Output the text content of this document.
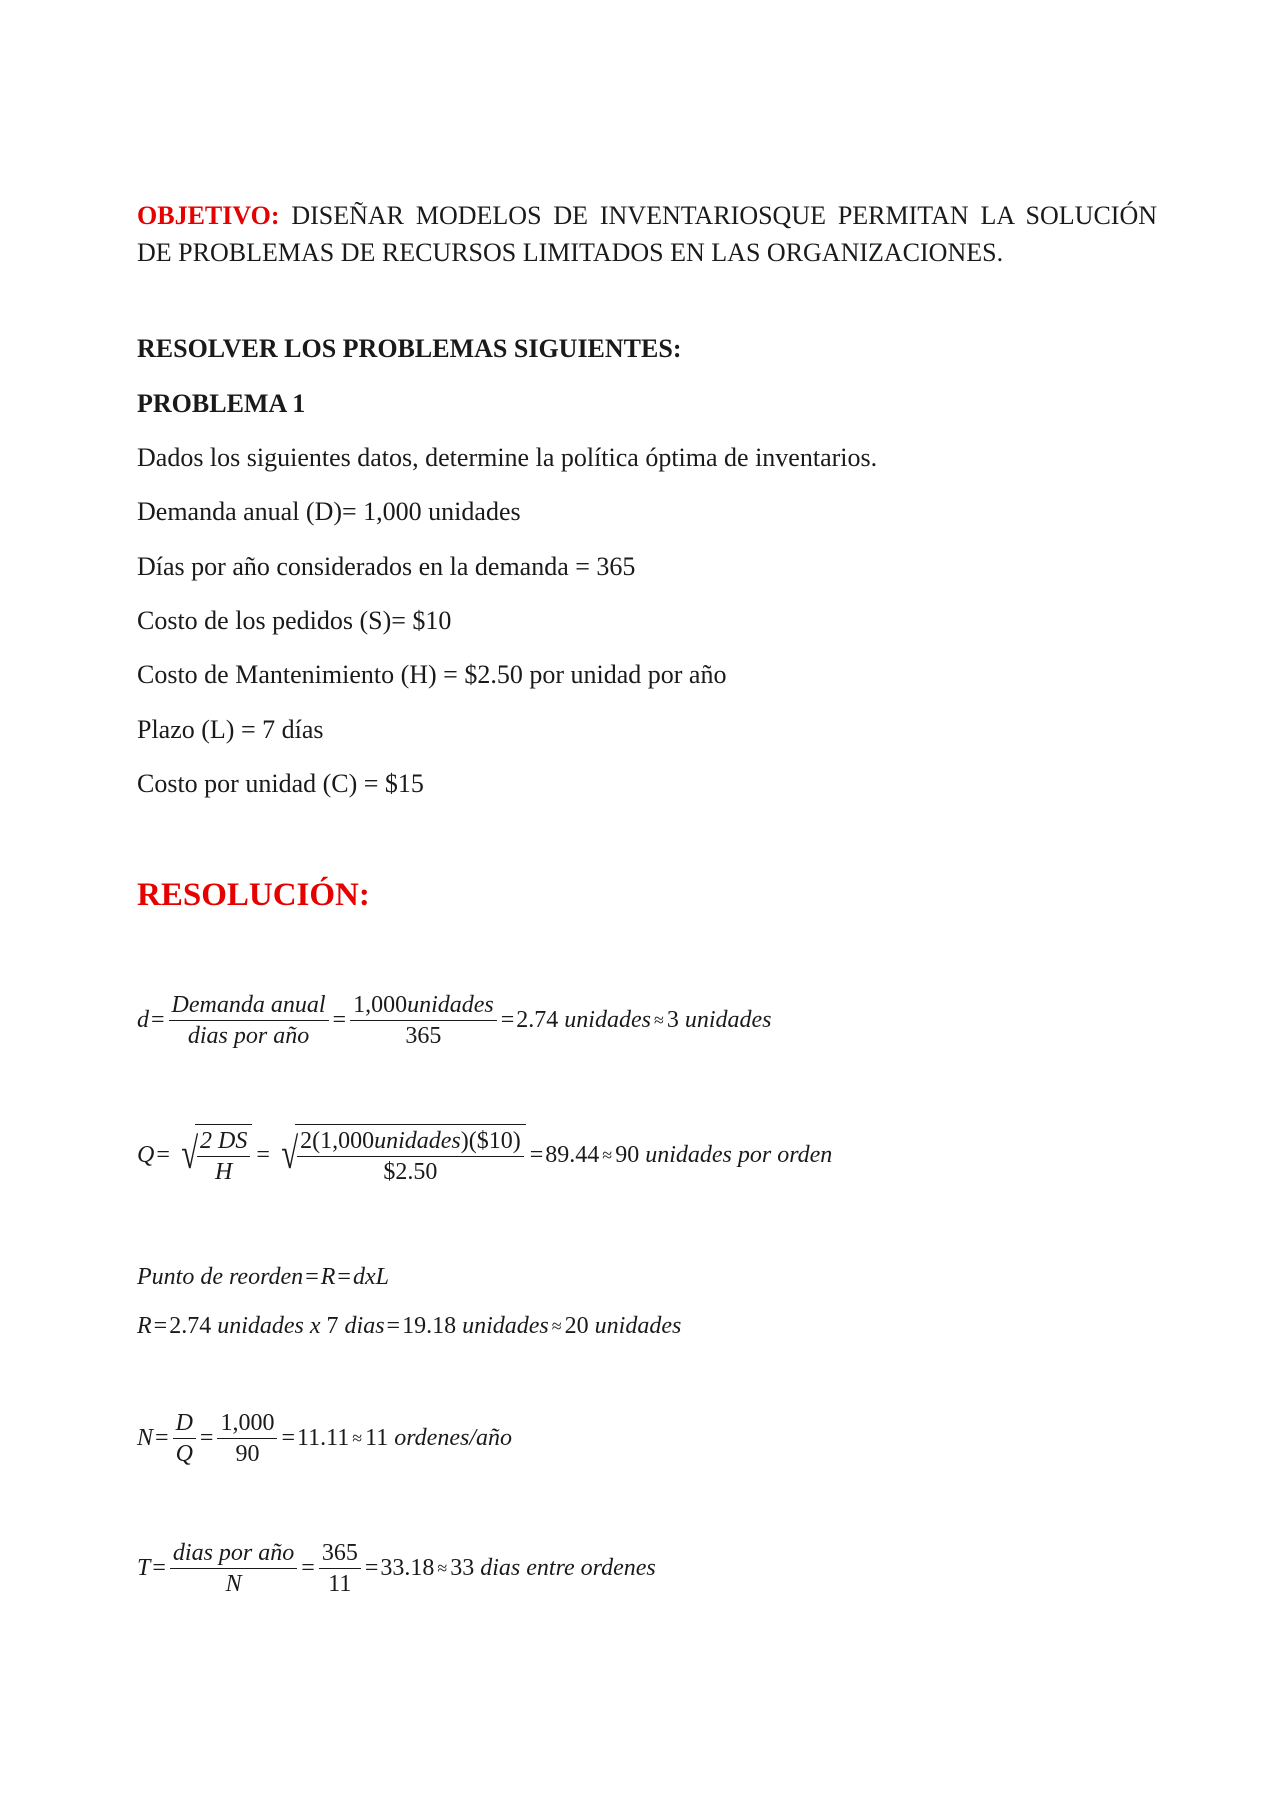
OBJETIVO: DISEÑAR MODELOS DE INVENTARIOSQUE PERMITAN LA SOLUCIÓN DE PROBLEMAS DE RECURSOS LIMITADOS EN LAS ORGANIZACIONES.
RESOLVER LOS PROBLEMAS SIGUIENTES:
PROBLEMA 1
Dados los siguientes datos, determine la política óptima de inventarios.
Demanda anual (D)= 1,000 unidades
Días por año considerados en la demanda = 365
Costo de los pedidos (S)= $10
Costo de Mantenimiento (H) = $2.50 por unidad por año
Plazo (L) = 7 días
Costo por unidad (C) = $15
RESOLUCIÓN:
$d = \frac{\text{Demanda anual}}{\text{dias por año}} = \frac{\text{1,000unidades}}{365} = 2.74$
unidades ≈ 3
unidades
Q = √ $\frac{2 DS}{H}$ = √ $\frac{\text{2(1,000unidades)(\$10)}}{\$2.50} = 89.44 \approx 90$
unidades por orden
Punto de reorden = R = dxL
R = 2.74
unidades x
7
dias = 19.18
unidades ≈ 20
unidades
$N = \frac{D}{Q} = \frac{1,000}{90} = 11.11 \approx 11$
ordenes/año
$T = \frac{\text{dias por año}}{N} = \frac{365}{11} = 33.18 \approx 33$
dias entre ordenes
